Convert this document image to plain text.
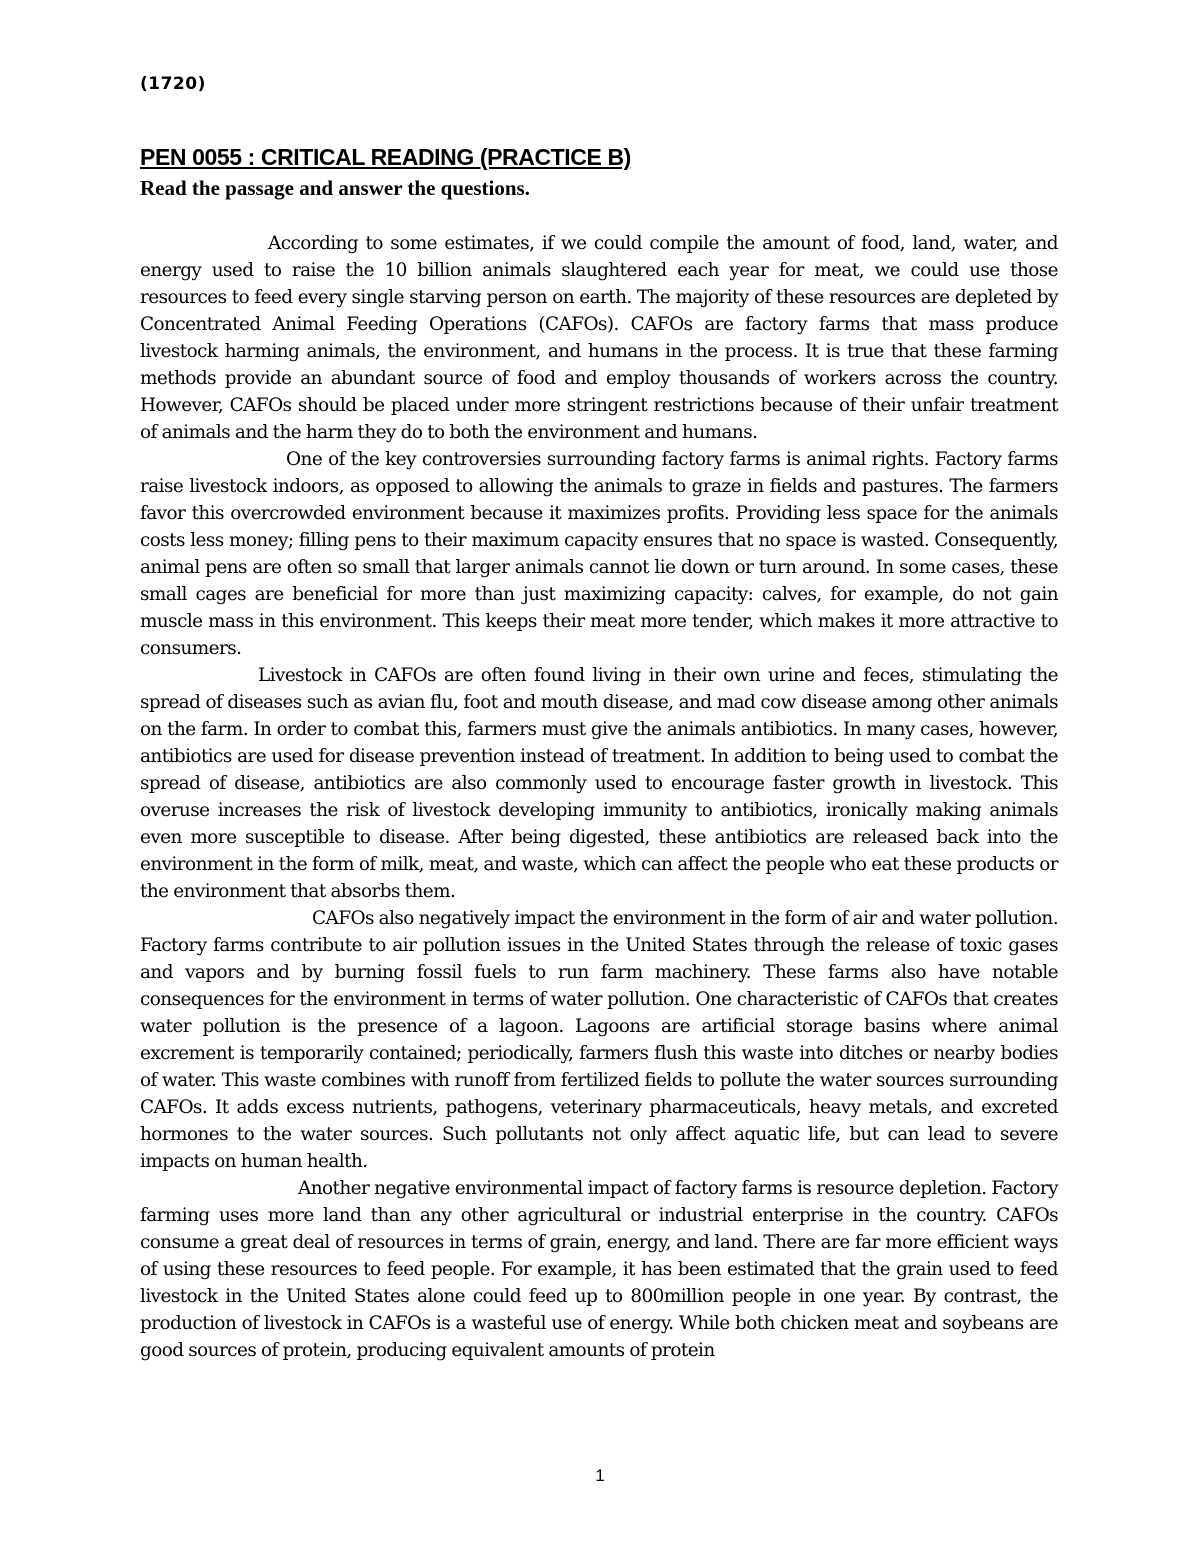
(1720)
PEN 0055 : CRITICAL READING (PRACTICE B)
Read the passage and answer the questions.

According to some estimates, if we could compile the amount of food, land, water, and energy used to raise the 10 billion animals slaughtered each year for meat, we could use those resources to feed every single starving person on earth. The majority of these resources are depleted by Concentrated Animal Feeding Operations (CAFOs). CAFOs are factory farms that mass produce livestock harming animals, the environment, and humans in the process. It is true that these farming methods provide an abundant source of food and employ thousands of workers across the country. However, CAFOs should be placed under more stringent restrictions because of their unfair treatment of animals and the harm they do to both the environment and humans.

One of the key controversies surrounding factory farms is animal rights. Factory farms raise livestock indoors, as opposed to allowing the animals to graze in fields and pastures. The farmers favor this overcrowded environment because it maximizes profits. Providing less space for the animals costs less money; filling pens to their maximum capacity ensures that no space is wasted. Consequently, animal pens are often so small that larger animals cannot lie down or turn around. In some cases, these small cages are beneficial for more than just maximizing capacity: calves, for example, do not gain muscle mass in this environment. This keeps their meat more tender, which makes it more attractive to consumers.

Livestock in CAFOs are often found living in their own urine and feces, stimulating the spread of diseases such as avian flu, foot and mouth disease, and mad cow disease among other animals on the farm. In order to combat this, farmers must give the animals antibiotics. In many cases, however, antibiotics are used for disease prevention instead of treatment. In addition to being used to combat the spread of disease, antibiotics are also commonly used to encourage faster growth in livestock. This overuse increases the risk of livestock developing immunity to antibiotics, ironically making animals even more susceptible to disease. After being digested, these antibiotics are released back into the environment in the form of milk, meat, and waste, which can affect the people who eat these products or the environment that absorbs them.

CAFOs also negatively impact the environment in the form of air and water pollution. Factory farms contribute to air pollution issues in the United States through the release of toxic gases and vapors and by burning fossil fuels to run farm machinery. These farms also have notable consequences for the environment in terms of water pollution. One characteristic of CAFOs that creates water pollution is the presence of a lagoon. Lagoons are artificial storage basins where animal excrement is temporarily contained; periodically, farmers flush this waste into ditches or nearby bodies of water. This waste combines with runoff from fertilized fields to pollute the water sources surrounding CAFOs. It adds excess nutrients, pathogens, veterinary pharmaceuticals, heavy metals, and excreted hormones to the water sources. Such pollutants not only affect aquatic life, but can lead to severe impacts on human health.

Another negative environmental impact of factory farms is resource depletion. Factory farming uses more land than any other agricultural or industrial enterprise in the country. CAFOs consume a great deal of resources in terms of grain, energy, and land. There are far more efficient ways of using these resources to feed people. For example, it has been estimated that the grain used to feed livestock in the United States alone could feed up to 800million people in one year. By contrast, the production of livestock in CAFOs is a wasteful use of energy. While both chicken meat and soybeans are good sources of protein, producing equivalent amounts of protein

1
